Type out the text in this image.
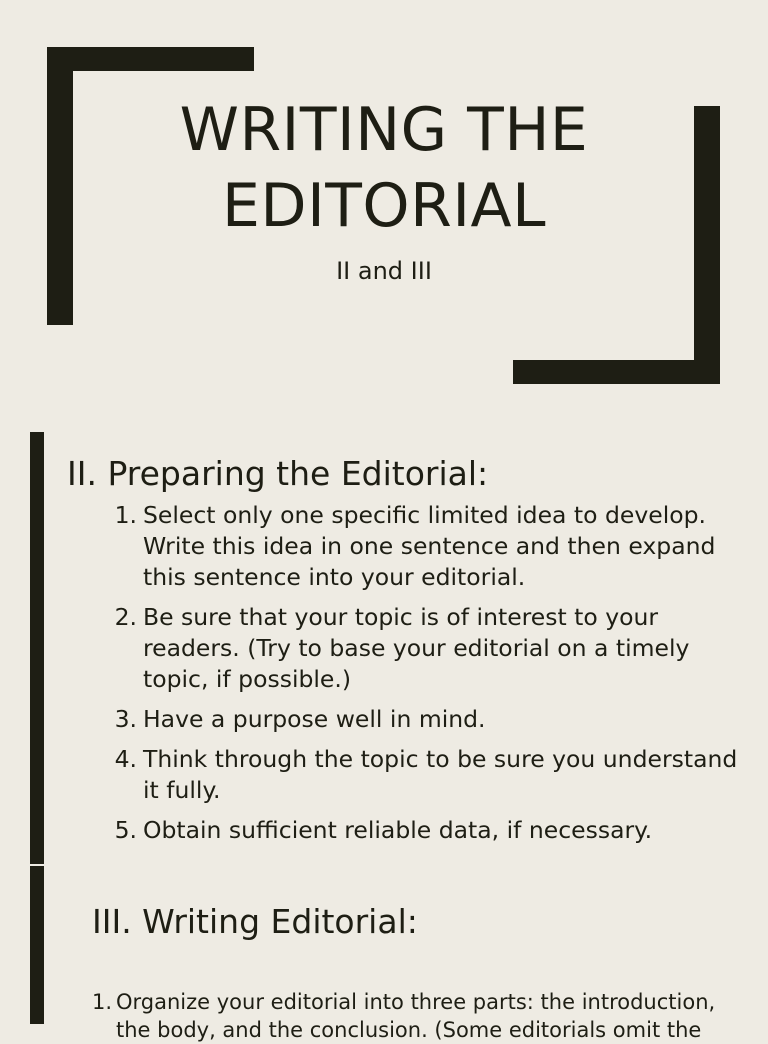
WRITING THE
EDITORIAL
II and III
II. Preparing the Editorial:
1. Select only one specific limited idea to develop. Write this idea in one sentence and then expand this sentence into your editorial.
2. Be sure that your topic is of interest to your readers. (Try to base your editorial on a timely topic, if possible.)
3. Have a purpose well in mind.
4. Think through the topic to be sure you understand it fully.
5. Obtain sufficient reliable data, if necessary.
III. Writing Editorial:
1. Organize your editorial into three parts: the introduction, the body, and the conclusion. (Some editorials omit the
